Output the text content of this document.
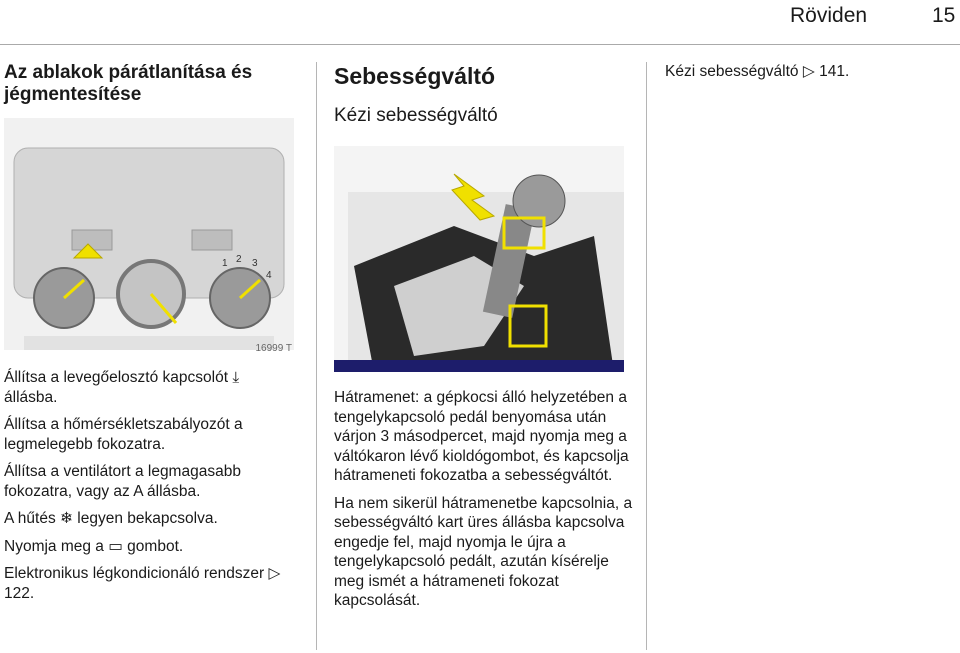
Röviden	15
Az ablakok párátlanítása és jégmentesítése
1 2 3
4
16999 T

Állítsa a levegőelosztó kapcsolót ⤓ állásba.

Állítsa a hőmérsékletszabályozót a legmelegebb fokozatra.

Állítsa a ventilátort a legmagasabb fokozatra, vagy az A állásba.

A hűtés ❄ legyen bekapcsolva.

Nyomja meg a ▭ gombot.

Elektronikus légkondicionáló rendszer ▷ 122.

Sebességváltó
Kézi sebességváltó

Hátramenet: a gépkocsi álló helyzetében a tengelykapcsoló pedál benyomása után várjon 3 másodpercet, majd nyomja meg a váltókaron lévő kioldógombot, és kapcsolja hátrameneti fokozatba a sebességváltót.

Ha nem sikerül hátramenetbe kapcsolnia, a sebességváltó kart üres állásba kapcsolva engedje fel, majd nyomja le újra a tengelykapcsoló pedált, azután kísérelje meg ismét a hátrameneti fokozat kapcsolását.

Kézi sebességváltó ▷ 141.
